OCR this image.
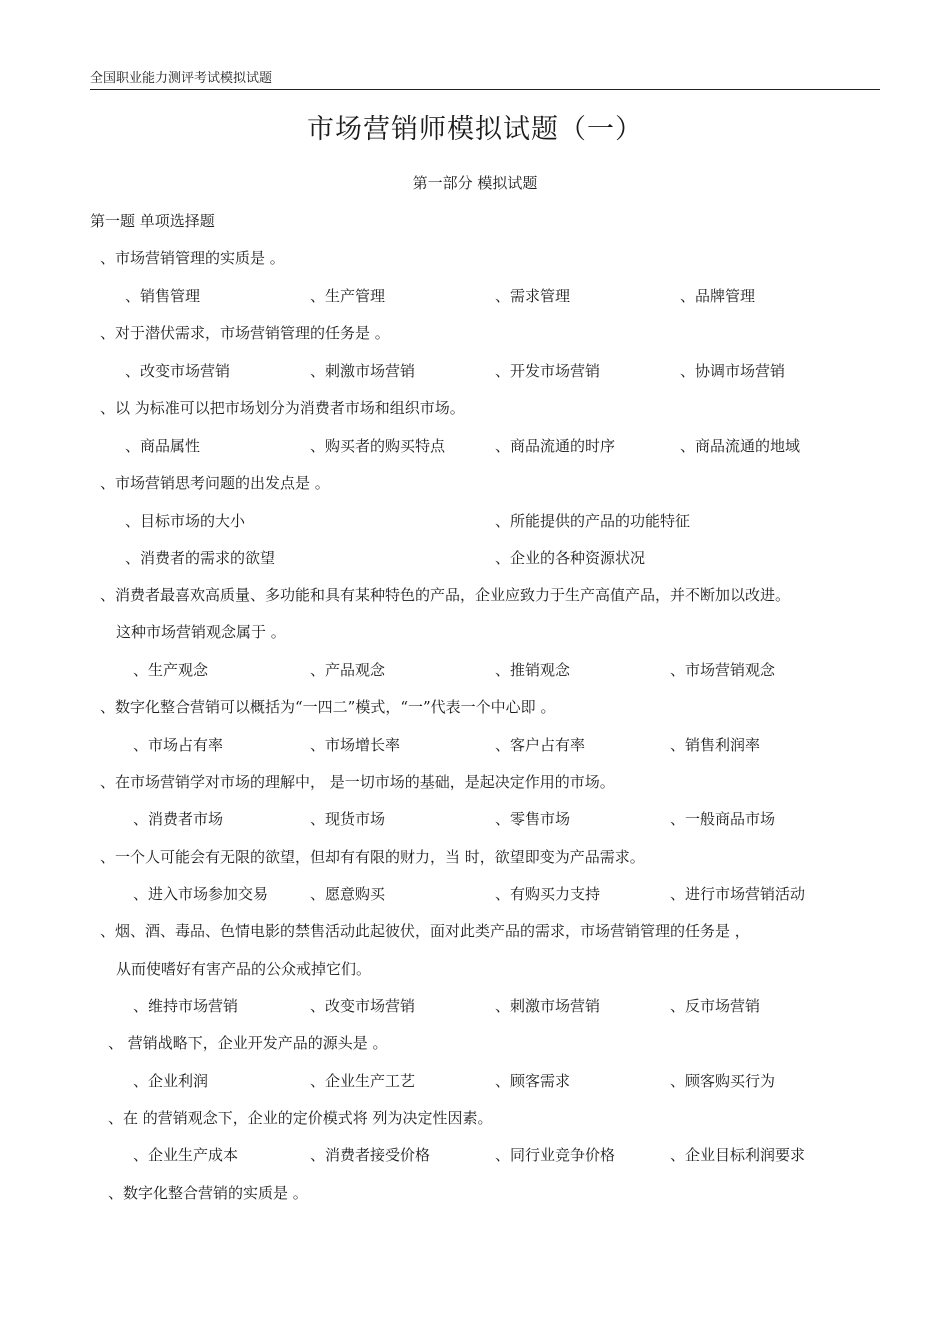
全国职业能力测评考试模拟试题
市场营销师模拟试题（一）
第一部分 模拟试题
第一题 单项选择题
、市场营销管理的实质是 。
、销售管理	、生产管理	、需求管理	、品牌管理
、对于潜伏需求，市场营销管理的任务是 。
、改变市场营销	、刺激市场营销	、开发市场营销	、协调市场营销
、以 为标准可以把市场划分为消费者市场和组织市场。
、商品属性	、购买者的购买特点	、商品流通的时序	、商品流通的地域
、市场营销思考问题的出发点是 。
、目标市场的大小	、所能提供的产品的功能特征
、消费者的需求的欲望	、企业的各种资源状况
、消费者最喜欢高质量、多功能和具有某种特色的产品，企业应致力于生产高值产品，并不断加以改进。
这种市场营销观念属于 。
、生产观念	、产品观念	、推销观念	、市场营销观念
、数字化整合营销可以概括为“一四二”模式，“一”代表一个中心即 。
、市场占有率	、市场增长率	、客户占有率	、销售利润率
、在市场营销学对市场的理解中， 是一切市场的基础，是起决定作用的市场。
、消费者市场	、现货市场	、零售市场	、一般商品市场
、一个人可能会有无限的欲望，但却有有限的财力，当 时，欲望即变为产品需求。
、进入市场参加交易	、愿意购买	、有购买力支持	、进行市场营销活动
、烟、酒、毒品、色情电影的禁售活动此起彼伏，面对此类产品的需求，市场营销管理的任务是 ，
从而使嗜好有害产品的公众戒掉它们。
、维持市场营销	、改变市场营销	、刺激市场营销	、反市场营销
、 营销战略下，企业开发产品的源头是 。
、企业利润	、企业生产工艺	、顾客需求	、顾客购买行为
、在 的营销观念下，企业的定价模式将 列为决定性因素。
、企业生产成本	、消费者接受价格	、同行业竞争价格	、企业目标利润要求
、数字化整合营销的实质是 。
